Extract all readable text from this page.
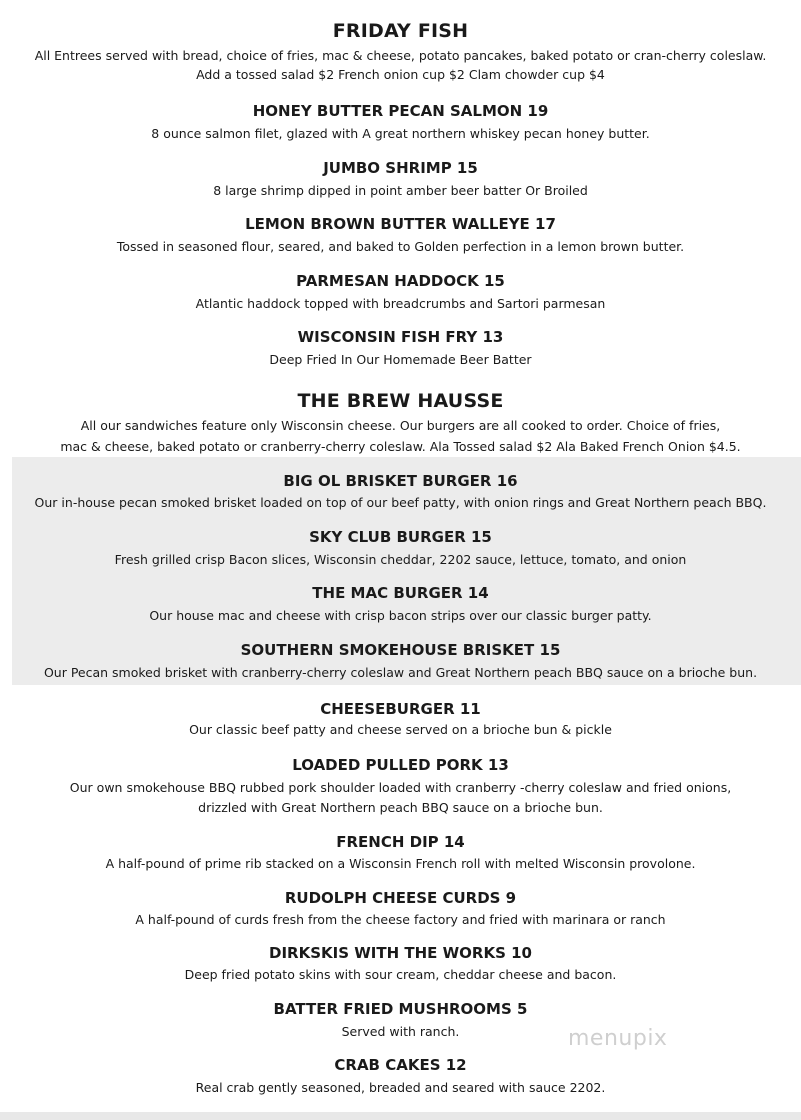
FRIDAY FISH
All Entrees served with bread, choice of fries, mac & cheese, potato pancakes, baked potato or cran-cherry coleslaw.
Add a tossed salad $2 French onion cup $2 Clam chowder cup $4
HONEY BUTTER PECAN SALMON 19
8 ounce salmon filet, glazed with A great northern whiskey pecan honey butter.
JUMBO SHRIMP 15
8 large shrimp dipped in point amber beer batter Or Broiled
LEMON BROWN BUTTER WALLEYE 17
Tossed in seasoned flour, seared, and baked to Golden perfection in a lemon brown butter.
PARMESAN HADDOCK 15
Atlantic haddock topped with breadcrumbs and Sartori parmesan
WISCONSIN FISH FRY 13
Deep Fried In Our Homemade Beer Batter
THE BREW HAUSSE
All our sandwiches feature only Wisconsin cheese. Our burgers are all cooked to order. Choice of fries,
mac & cheese, baked potato or cranberry-cherry coleslaw. Ala Tossed salad $2 Ala Baked French Onion $4.5.
BIG OL BRISKET BURGER 16
Our in-house pecan smoked brisket loaded on top of our beef patty, with onion rings and Great Northern peach BBQ.
SKY CLUB BURGER 15
Fresh grilled crisp Bacon slices, Wisconsin cheddar, 2202 sauce, lettuce, tomato, and onion
THE MAC BURGER 14
Our house mac and cheese with crisp bacon strips over our classic burger patty.
SOUTHERN SMOKEHOUSE BRISKET 15
Our Pecan smoked brisket with cranberry-cherry coleslaw and Great Northern peach BBQ sauce on a brioche bun.
CHEESEBURGER 11
Our classic beef patty and cheese served on a brioche bun & pickle
LOADED PULLED PORK 13
Our own smokehouse BBQ rubbed pork shoulder loaded with cranberry -cherry coleslaw and fried onions,
drizzled with Great Northern peach BBQ sauce on a brioche bun.
FRENCH DIP 14
A half-pound of prime rib stacked on a Wisconsin French roll with melted Wisconsin provolone.
RUDOLPH CHEESE CURDS 9
A half-pound of curds fresh from the cheese factory and fried with marinara or ranch
DIRKSKIS WITH THE WORKS 10
Deep fried potato skins with sour cream, cheddar cheese and bacon.
BATTER FRIED MUSHROOMS 5
Served with ranch.
CRAB CAKES 12
Real crab gently seasoned, breaded and seared with sauce 2202.
menupix
